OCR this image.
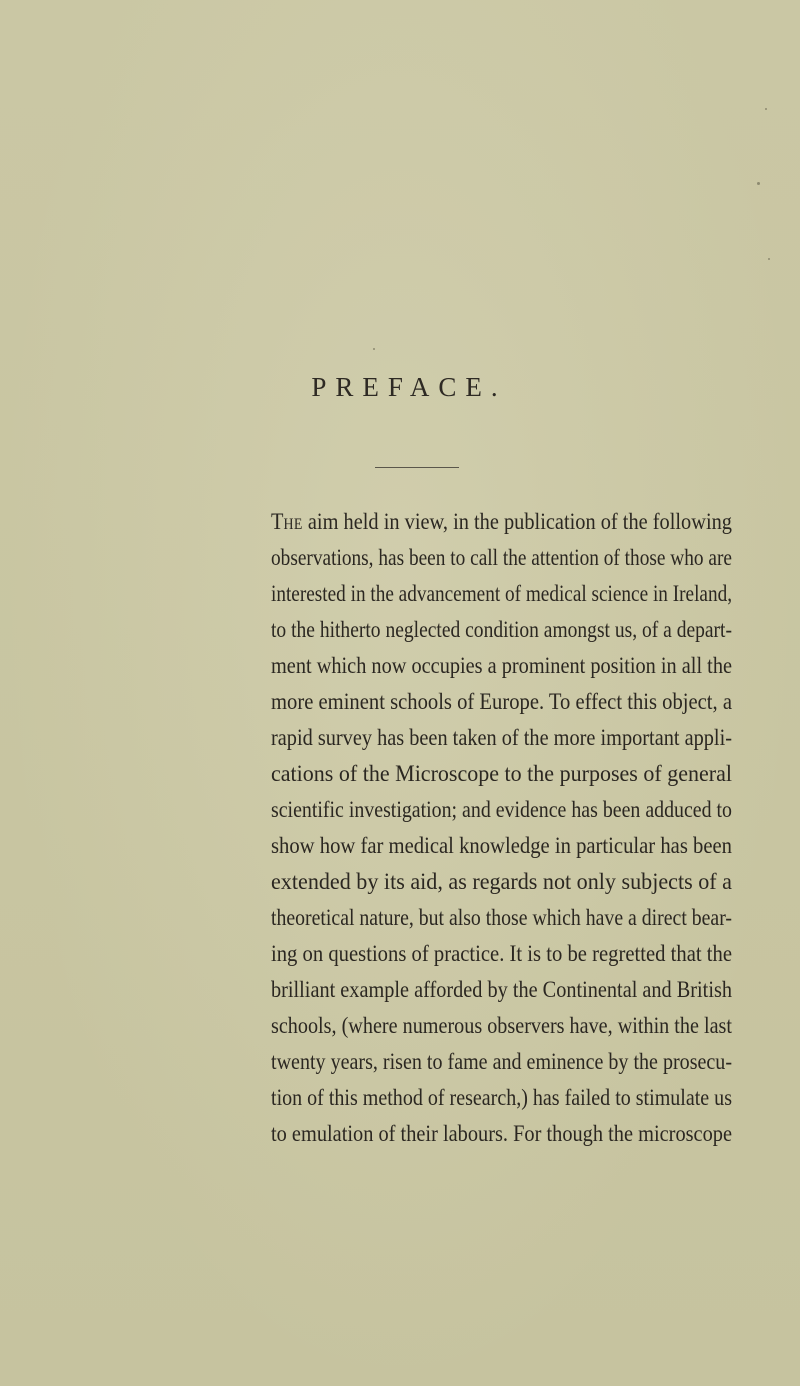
PREFACE.
THE aim held in view, in the publication of the following
observations, has been to call the attention of those who are
interested in the advancement of medical science in Ireland,
to the hitherto neglected condition amongst us, of a depart-
ment which now occupies a prominent position in all the
more eminent schools of Europe. To effect this object, a
rapid survey has been taken of the more important appli-
cations of the Microscope to the purposes of general
scientific investigation; and evidence has been adduced to
show how far medical knowledge in particular has been
extended by its aid, as regards not only subjects of a
theoretical nature, but also those which have a direct bear-
ing on questions of practice. It is to be regretted that the
brilliant example afforded by the Continental and British
schools, (where numerous observers have, within the last
twenty years, risen to fame and eminence by the prosecu-
tion of this method of research,) has failed to stimulate us
to emulation of their labours. For though the microscope
